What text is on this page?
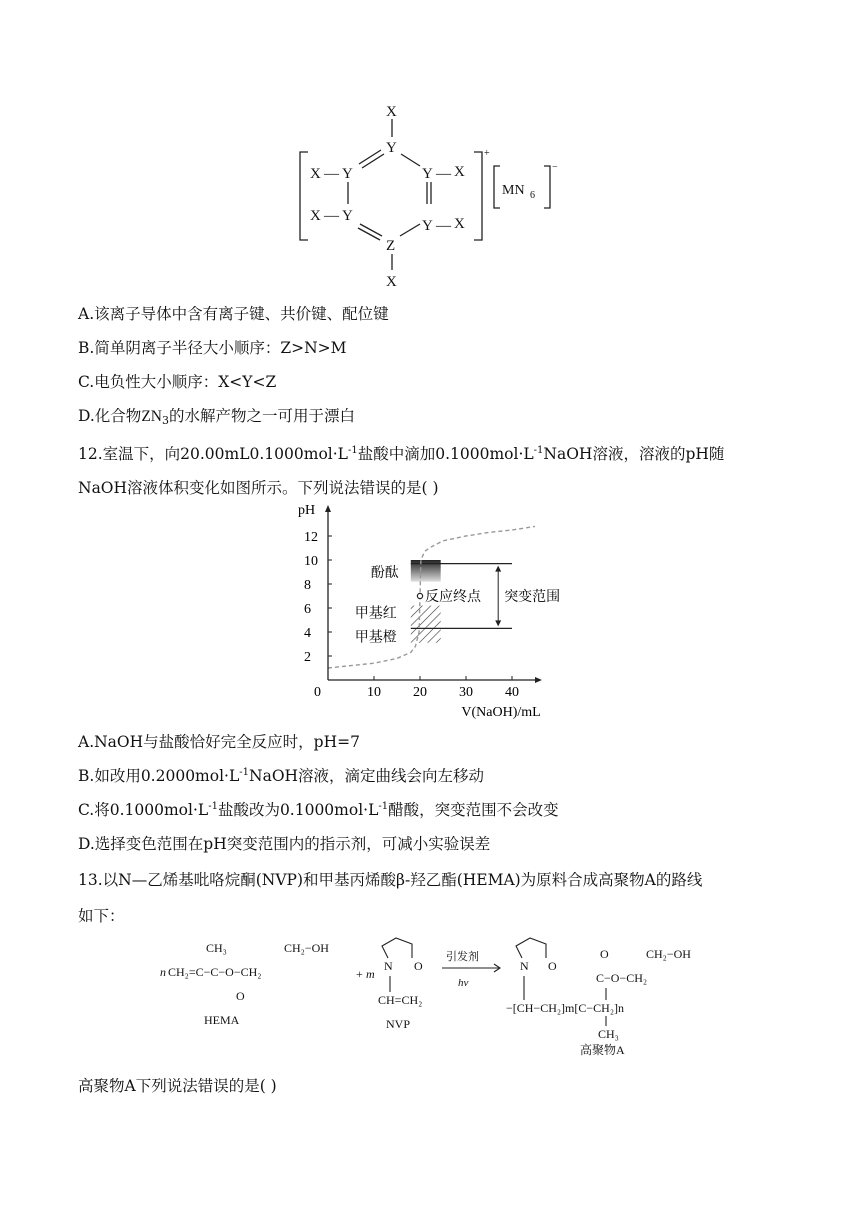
X
Y
X — Y	Y — X
X — Y
Y — X
Z
X
+
MN 6
−
A.该离子导体中含有离子键、共价键、配位键
B.简单阴离子半径大小顺序：Z>N>M
C.电负性大小顺序：X<Y<Z
D.化合物$ZN_3$的水解产物之一可用于漂白
12.室温下，向$20.00mL0.1000mol\cdot L^{-1}$盐酸中滴加$0.1000mol\cdot L^{-1}NaOH$溶液，溶液的pH随
NaOH溶液体积变化如图所示。下列说法错误的是( )
酚酞
甲基红
甲基橙
突变范围
反应终点
0	10 20 30 40
2
4
6
8
10
12
pH
V(NaOH)/mL
A.NaOH与盐酸恰好完全反应时，pH=7
B.如改用$0.2000mol\cdot L^{-1}NaOH$溶液，滴定曲线会向左移动
C.将$0.1000mol\cdot L^{-1}$盐酸改为$0.1000mol\cdot L^{-1}$醋酸，突变范围不会改变
D.选择变色范围在pH突变范围内的指示剂，可减小实验误差
13.以N—乙烯基吡咯烷酮(NVP)和甲基丙烯酸β-羟乙酯(HEMA)为原料合成高聚物A的路线
如下：
n CH₂=C−C−O−CH₂
CH₃
O
CH₂−OH
HEMA
+ m
N O
CH=CH₂
NVP
引发剂
hν
N O
−[CH−CH₂]m[C−CH₂]n
O
C−O−CH₂
CH₂−OH
CH₃
高聚物A
高聚物A下列说法错误的是( )
